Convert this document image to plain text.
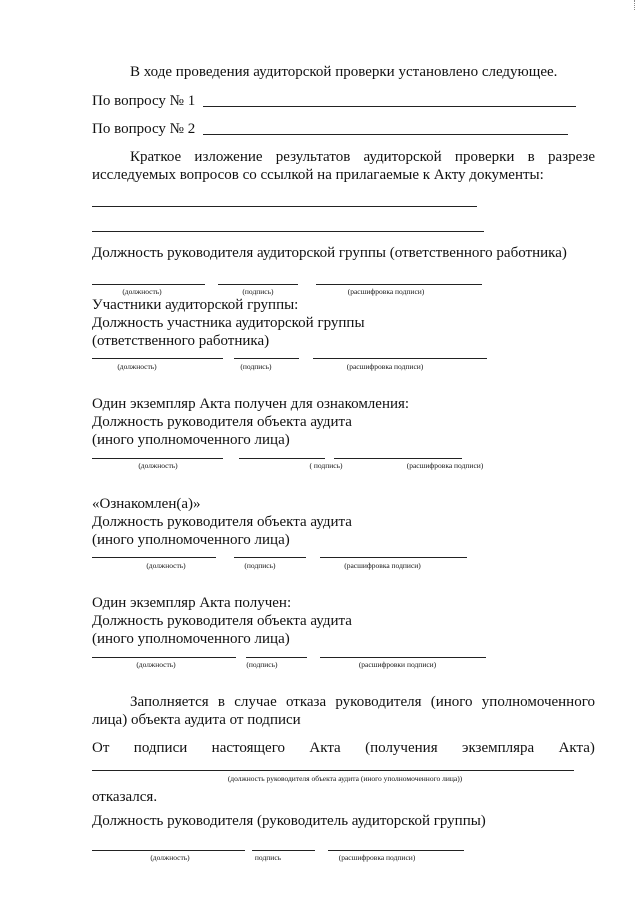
В ходе проведения аудиторской проверки установлено следующее.
По вопросу № 1
По вопросу № 2
Краткое изложение результатов аудиторской проверки в разрезе исследуемых вопросов со ссылкой на прилагаемые к Акту документы:
Должность руководителя аудиторской группы (ответственного работника)
(должность)	(подпись)	(расшифровка подписи)
Участники аудиторской группы:
Должность участника аудиторской группы
(ответственного работника)
(должность)	(подпись)	(расшифровка подписи)
Один экземпляр Акта получен для ознакомления:
Должность руководителя объекта аудита
(иного уполномоченного лица)
(должность)	( подпись)	(расшифровка подписи)
«Ознакомлен(а)»
Должность руководителя объекта аудита
(иного уполномоченного лица)
(должность)	(подпись)	(расшифровка подписи)
Один экземпляр Акта получен:
Должность руководителя объекта аудита
(иного уполномоченного лица)
(должность)	(подпись)	(расшифровки подписи)
Заполняется в случае отказа руководителя (иного уполномоченного лица) объекта аудита от подписи
От подписи настоящего Акта (получения экземпляра Акта)
(должность руководителя объекта аудита (иного уполномоченного лица))
отказался.
Должность руководителя (руководитель аудиторской группы)
(должность)	подпись	(расшифровка подписи)
